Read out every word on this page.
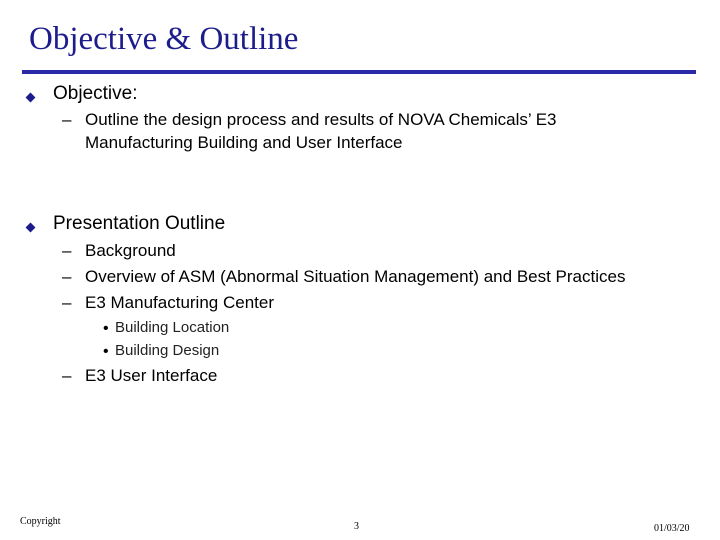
Objective & Outline
Objective:
– Outline the design process and results of NOVA Chemicals’ E3
Manufacturing Building and User Interface
Presentation Outline
– Background
– Overview of ASM (Abnormal Situation Management) and Best Practices
– E3 Manufacturing Center
• Building Location
• Building Design
– E3 User Interface
Copyright	3	01/03/20
